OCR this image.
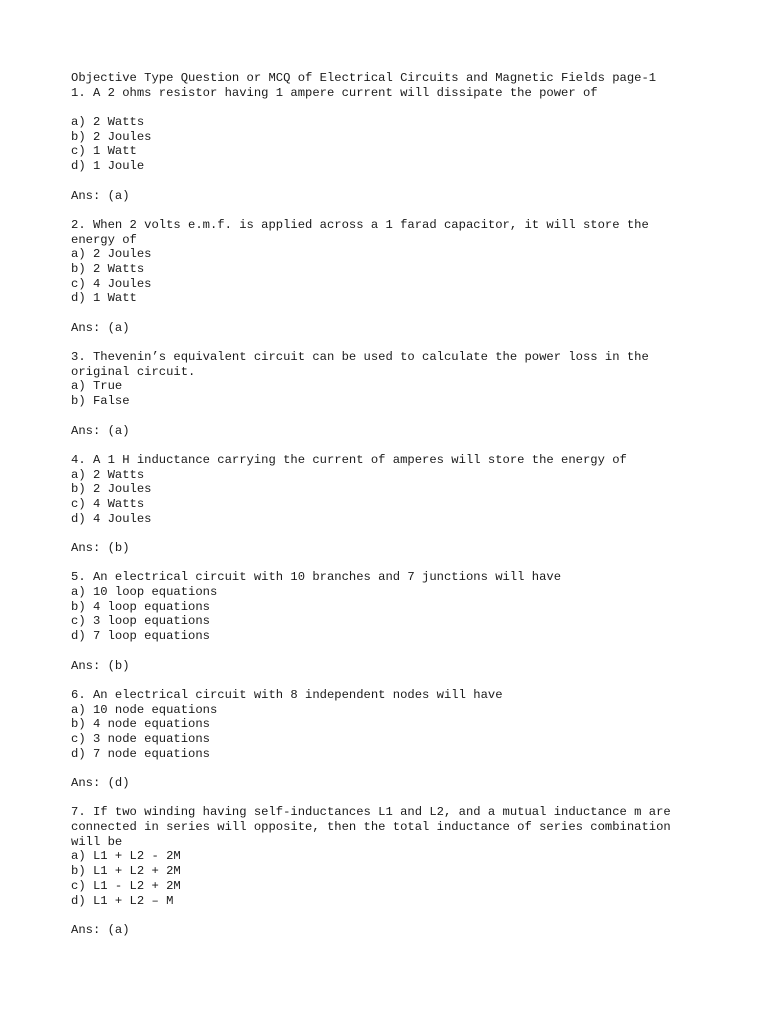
Objective Type Question or MCQ of Electrical Circuits and Magnetic Fields page-1
1. A 2 ohms resistor having 1 ampere current will dissipate the power of
a) 2 Watts
b) 2 Joules
c) 1 Watt
d) 1 Joule
Ans: (a)
2. When 2 volts e.m.f. is applied across a 1 farad capacitor, it will store the
energy of
a) 2 Joules
b) 2 Watts
c) 4 Joules
d) 1 Watt
Ans: (a)
3. Thevenin’s equivalent circuit can be used to calculate the power loss in the
original circuit.
a) True
b) False
Ans: (a)
4. A 1 H inductance carrying the current of amperes will store the energy of
a) 2 Watts
b) 2 Joules
c) 4 Watts
d) 4 Joules
Ans: (b)
5. An electrical circuit with 10 branches and 7 junctions will have
a) 10 loop equations
b) 4 loop equations
c) 3 loop equations
d) 7 loop equations
Ans: (b)
6. An electrical circuit with 8 independent nodes will have
a) 10 node equations
b) 4 node equations
c) 3 node equations
d) 7 node equations
Ans: (d)
7. If two winding having self-inductances L1 and L2, and a mutual inductance m are
connected in series will opposite, then the total inductance of series combination
will be
a) L1 + L2 - 2M
b) L1 + L2 + 2M
c) L1 - L2 + 2M
d) L1 + L2 – M
Ans: (a)
